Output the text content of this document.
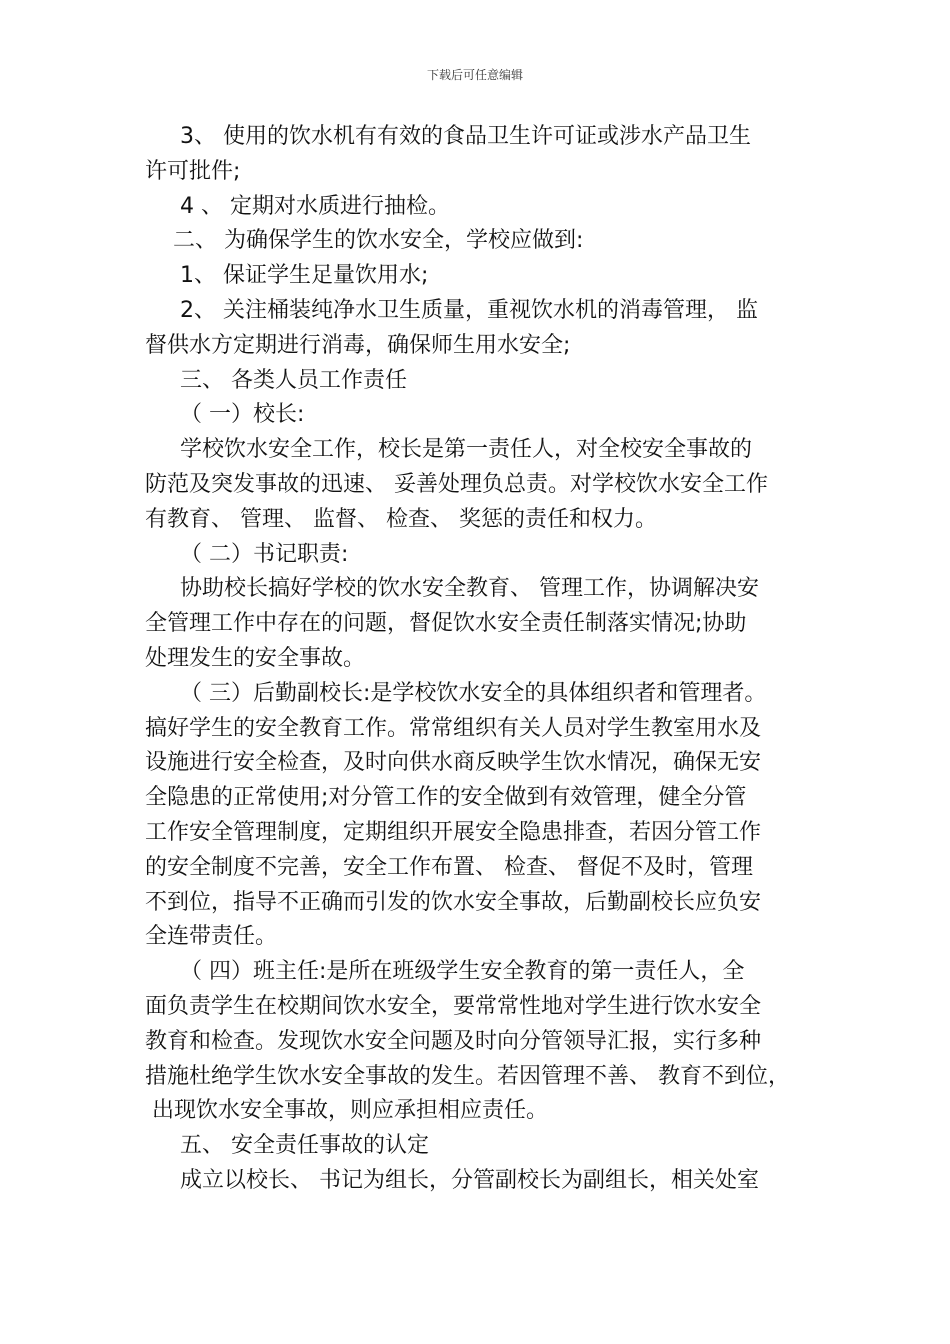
下载后可任意编辑
3、 使用的饮水机有有效的食品卫生许可证或涉水产品卫生
许可批件;
4 、 定期对水质进行抽检。
二、 为确保学生的饮水安全，学校应做到:
1、 保证学生足量饮用水;
2、 关注桶装纯净水卫生质量，重视饮水机的消毒管理， 监
督供水方定期进行消毒，确保师生用水安全;
三、 各类人员工作责任
（ 一）校长:
学校饮水安全工作，校长是第一责任人，对全校安全事故的
防范及突发事故的迅速、 妥善处理负总责。对学校饮水安全工作
有教育、 管理、 监督、 检查、 奖惩的责任和权力。
（ 二）书记职责:
协助校长搞好学校的饮水安全教育、 管理工作，协调解决安
全管理工作中存在的问题，督促饮水安全责任制落实情况;协助
处理发生的安全事故。
（ 三）后勤副校长:是学校饮水安全的具体组织者和管理者。
搞好学生的安全教育工作。常常组织有关人员对学生教室用水及
设施进行安全检查，及时向供水商反映学生饮水情况，确保无安
全隐患的正常使用;对分管工作的安全做到有效管理，健全分管
工作安全管理制度，定期组织开展安全隐患排查，若因分管工作
的安全制度不完善，安全工作布置、 检查、 督促不及时，管理
不到位，指导不正确而引发的饮水安全事故，后勤副校长应负安
全连带责任。
（ 四）班主任:是所在班级学生安全教育的第一责任人，全
面负责学生在校期间饮水安全，要常常性地对学生进行饮水安全
教育和检查。发现饮水安全问题及时向分管领导汇报，实行多种
措施杜绝学生饮水安全事故的发生。若因管理不善、 教育不到位，
出现饮水安全事故，则应承担相应责任。
五、 安全责任事故的认定
成立以校长、 书记为组长，分管副校长为副组长，相关处室
